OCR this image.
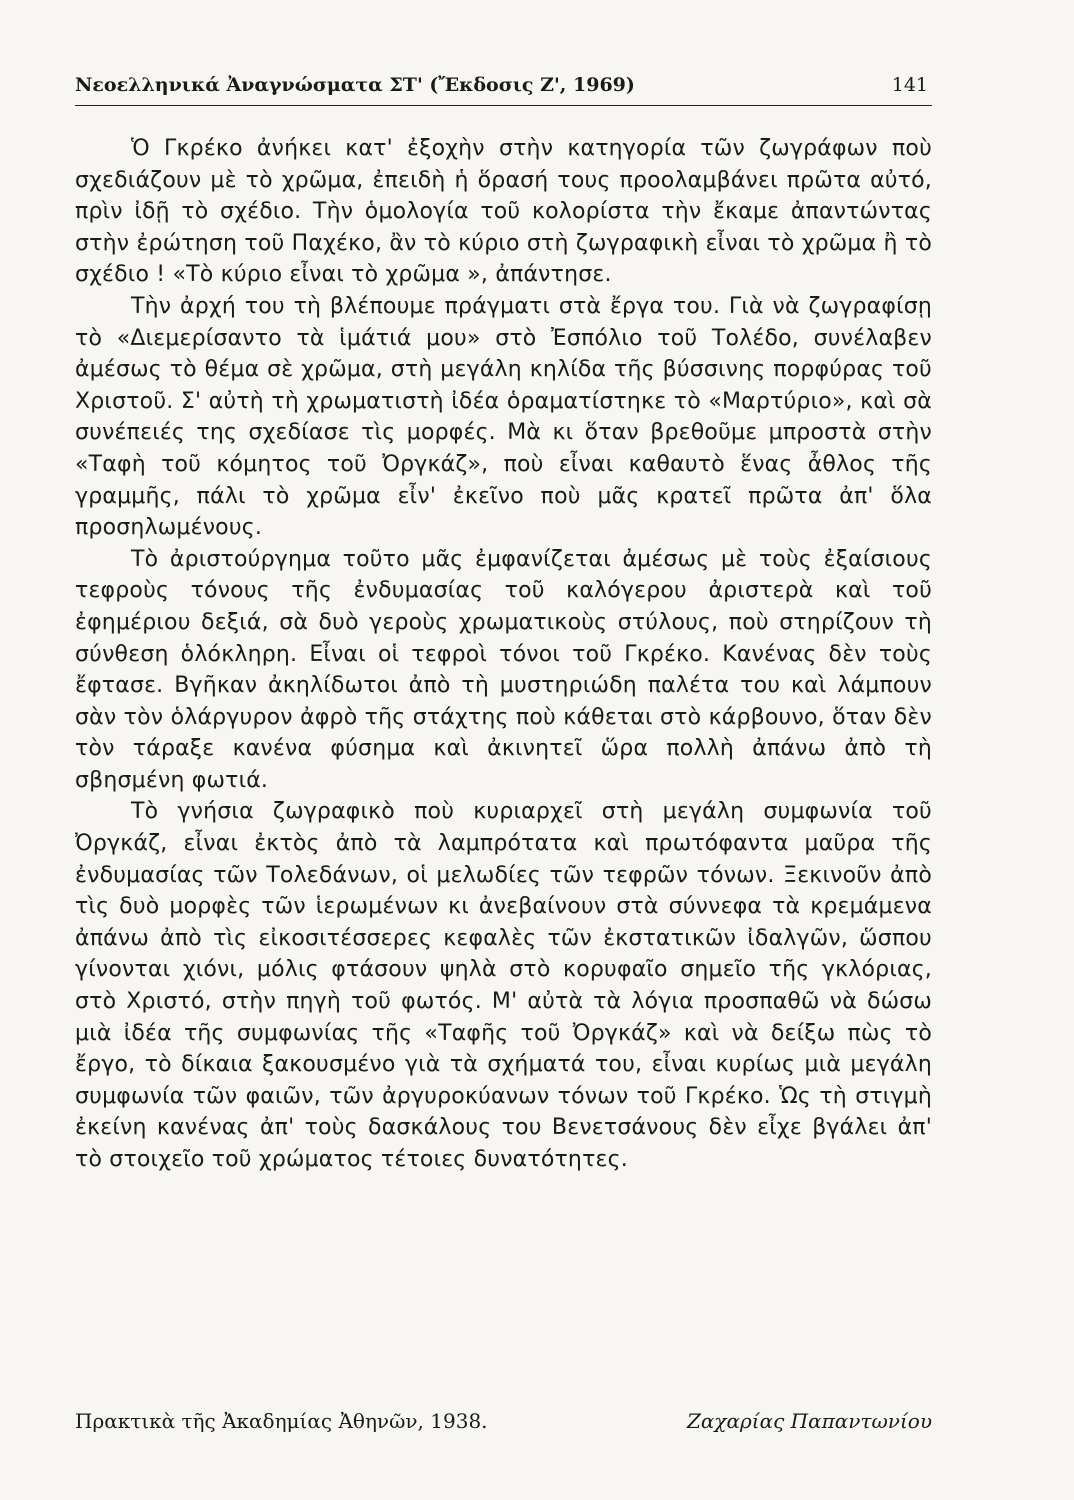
Νεοελληνικά Ἀναγνώσματα ΣΤ' (Ἔκδοσις Ζ', 1969)	141

Ὁ Γκρέκο ἀνήκει κατ' ἐξοχὴν στὴν κατηγορία τῶν ζωγράφων ποὺ σχεδιάζουν μὲ τὸ χρῶμα, ἐπειδὴ ἡ ὅρασή τους προολαμβάνει πρῶτα αὐτό, πρὶν ἰδῇ τὸ σχέδιο. Τὴν ὁμολογία τοῦ κολορίστα τὴν ἔκαμε ἀπαντώντας στὴν ἐρώτηση τοῦ Παχέκο, ἂν τὸ κύριο στὴ ζωγραφικὴ εἶναι τὸ χρῶμα ἢ τὸ σχέδιο ! «Τὸ κύριο εἶναι τὸ χρῶμα », ἀπάντησε.

Τὴν ἀρχή του τὴ βλέπουμε πράγματι στὰ ἔργα του. Γιὰ νὰ ζωγραφίσῃ τὸ «Διεμερίσαντο τὰ ἱμάτιά μου» στὸ Ἐσπόλιο τοῦ Τολέδο, συνέλαβεν ἀμέσως τὸ θέμα σὲ χρῶμα, στὴ μεγάλη κηλίδα τῆς βύσσινης πορφύρας τοῦ Χριστοῦ. Σ' αὐτὴ τὴ χρωματιστὴ ἰδέα ὁραματίστηκε τὸ «Μαρτύριο», καὶ σὰ συνέπειές της σχεδίασε τὶς μορφές. Μὰ κι ὅταν βρεθοῦμε μπροστὰ στὴν «Ταφὴ τοῦ κόμητος τοῦ Ὀργκάζ», ποὺ εἶναι καθαυτὸ ἕνας ἆθλος τῆς γραμμῆς, πάλι τὸ χρῶμα εἶν' ἐκεῖνο ποὺ μᾶς κρατεῖ πρῶτα ἀπ' ὅλα προσηλωμένους.

Τὸ ἀριστούργημα τοῦτο μᾶς ἐμφανίζεται ἀμέσως μὲ τοὺς ἐξαίσιους τεφροὺς τόνους τῆς ἐνδυμασίας τοῦ καλόγερου ἀριστερὰ καὶ τοῦ ἐφημέριου δεξιά, σὰ δυὸ γεροὺς χρωματικοὺς στύλους, ποὺ στηρίζουν τὴ σύνθεση ὁλόκληρη. Εἶναι οἱ τεφροὶ τόνοι τοῦ Γκρέκο. Κανένας δὲν τοὺς ἔφτασε. Βγῆκαν ἀκηλίδωτοι ἀπὸ τὴ μυστηριώδη παλέτα του καὶ λάμπουν σὰν τὸν ὁλάργυρον ἀφρὸ τῆς στάχτης ποὺ κάθεται στὸ κάρβουνο, ὅταν δὲν τὸν τάραξε κανένα φύσημα καὶ ἀκινητεῖ ὥρα πολλὴ ἀπάνω ἀπὸ τὴ σβησμένη φωτιά.

Τὸ γνήσια ζωγραφικὸ ποὺ κυριαρχεῖ στὴ μεγάλη συμφωνία τοῦ Ὀργκάζ, εἶναι ἐκτὸς ἀπὸ τὰ λαμπρότατα καὶ πρωτόφαντα μαῦρα τῆς ἐνδυμασίας τῶν Τολεδάνων, οἱ μελωδίες τῶν τεφρῶν τόνων. Ξεκινοῦν ἀπὸ τὶς δυὸ μορφὲς τῶν ἱερωμένων κι ἀνεβαίνουν στὰ σύννεφα τὰ κρεμάμενα ἀπάνω ἀπὸ τὶς εἰκοσιτέσσερες κεφαλὲς τῶν ἐκστατικῶν ἰδαλγῶν, ὥσπου γίνονται χιόνι, μόλις φτάσουν ψηλὰ στὸ κορυφαῖο σημεῖο τῆς γκλόριας, στὸ Χριστό, στὴν πηγὴ τοῦ φωτός. Μ' αὐτὰ τὰ λόγια προσπαθῶ νὰ δώσω μιὰ ἰδέα τῆς συμφωνίας τῆς «Ταφῆς τοῦ Ὀργκάζ» καὶ νὰ δείξω πὼς τὸ ἔργο, τὸ δίκαια ξακουσμένο γιὰ τὰ σχήματά του, εἶναι κυρίως μιὰ μεγάλη συμφωνία τῶν φαιῶν, τῶν ἀργυροκύανων τόνων τοῦ Γκρέκο. Ὡς τὴ στιγμὴ ἐκείνη κανένας ἀπ' τοὺς δασκάλους του Βενετσάνους δὲν εἶχε βγάλει ἀπ' τὸ στοιχεῖο τοῦ χρώματος τέτοιες δυνατότητες.

Πρακτικὰ τῆς Ἀκαδημίας Ἀθηνῶν, 1938.	Ζαχαρίας Παπαντωνίου
